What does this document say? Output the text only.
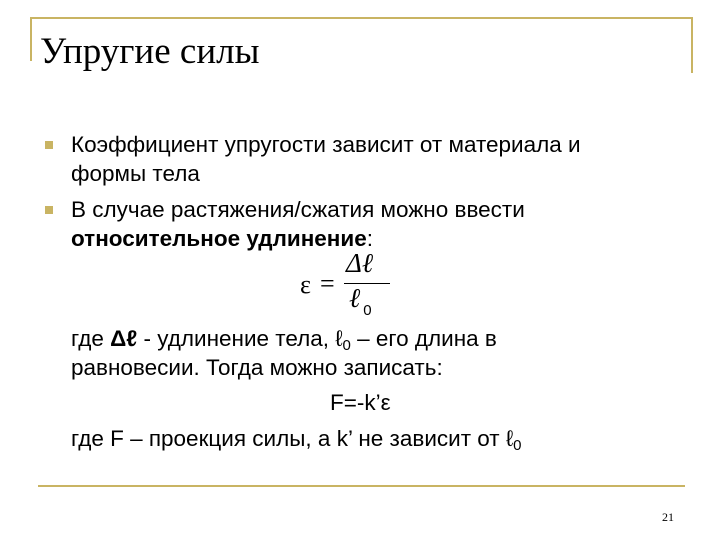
Упругие силы
Коэффициент упругости зависит от материала и
формы тела
В случае растяжения/сжатия можно ввести
относительное удлинение:
ε =
Δℓ
ℓ $_0$
где Δℓ - удлинение тела, ℓ$_0$ – его длина в
равновесии. Тогда можно записать:
F=-k’ε
где F – проекция силы, а k’ не зависит от ℓ$_0$
21
